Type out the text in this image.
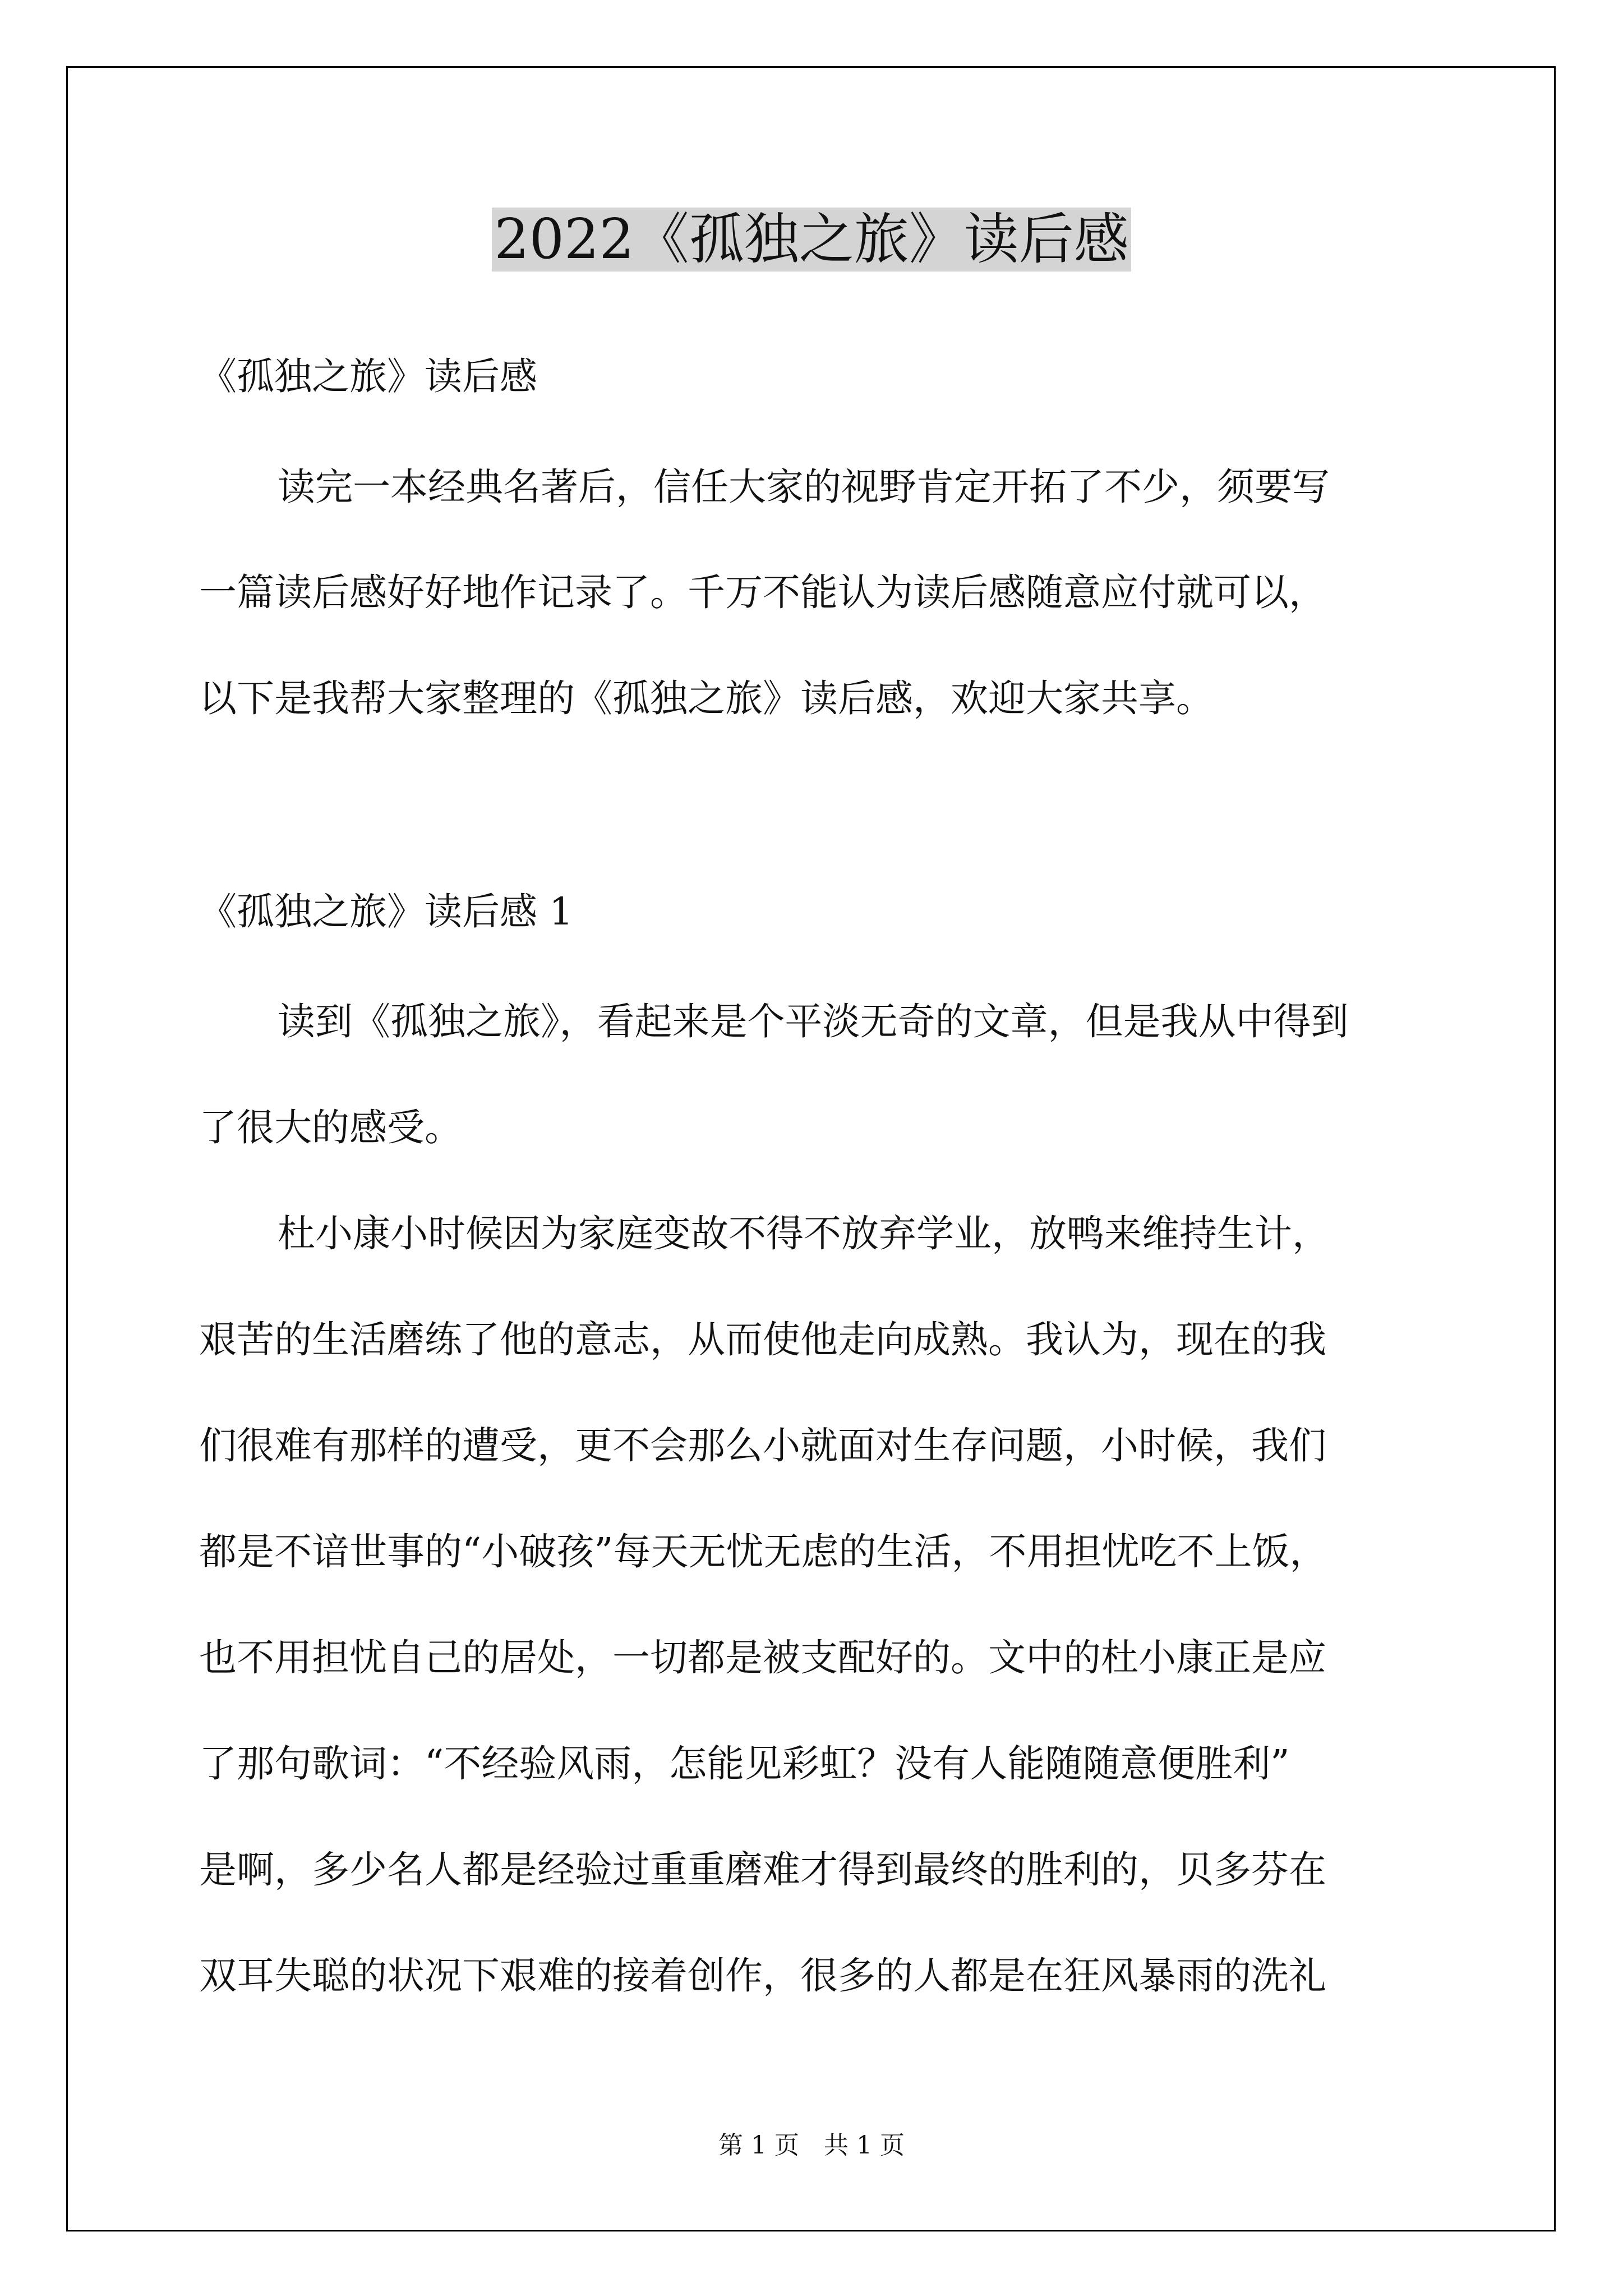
2022《孤独之旅》读后感
《孤独之旅》读后感
读完一本经典名著后，信任大家的视野肯定开拓了不少，须要写
一篇读后感好好地作记录了。千万不能认为读后感随意应付就可以，
以下是我帮大家整理的《孤独之旅》读后感，欢迎大家共享。
《孤独之旅》读后感 1
读到《孤独之旅》，看起来是个平淡无奇的文章，但是我从中得到
了很大的感受。
杜小康小时候因为家庭变故不得不放弃学业，放鸭来维持生计，
艰苦的生活磨练了他的意志，从而使他走向成熟。我认为，现在的我
们很难有那样的遭受，更不会那么小就面对生存问题，小时候，我们
都是不谙世事的“小破孩”每天无忧无虑的生活，不用担忧吃不上饭，
也不用担忧自己的居处，一切都是被支配好的。文中的杜小康正是应
了那句歌词：“不经验风雨，怎能见彩虹？没有人能随随意便胜利”
是啊，多少名人都是经验过重重磨难才得到最终的胜利的，贝多芬在
双耳失聪的状况下艰难的接着创作，很多的人都是在狂风暴雨的洗礼
第 1 页　共 1 页
